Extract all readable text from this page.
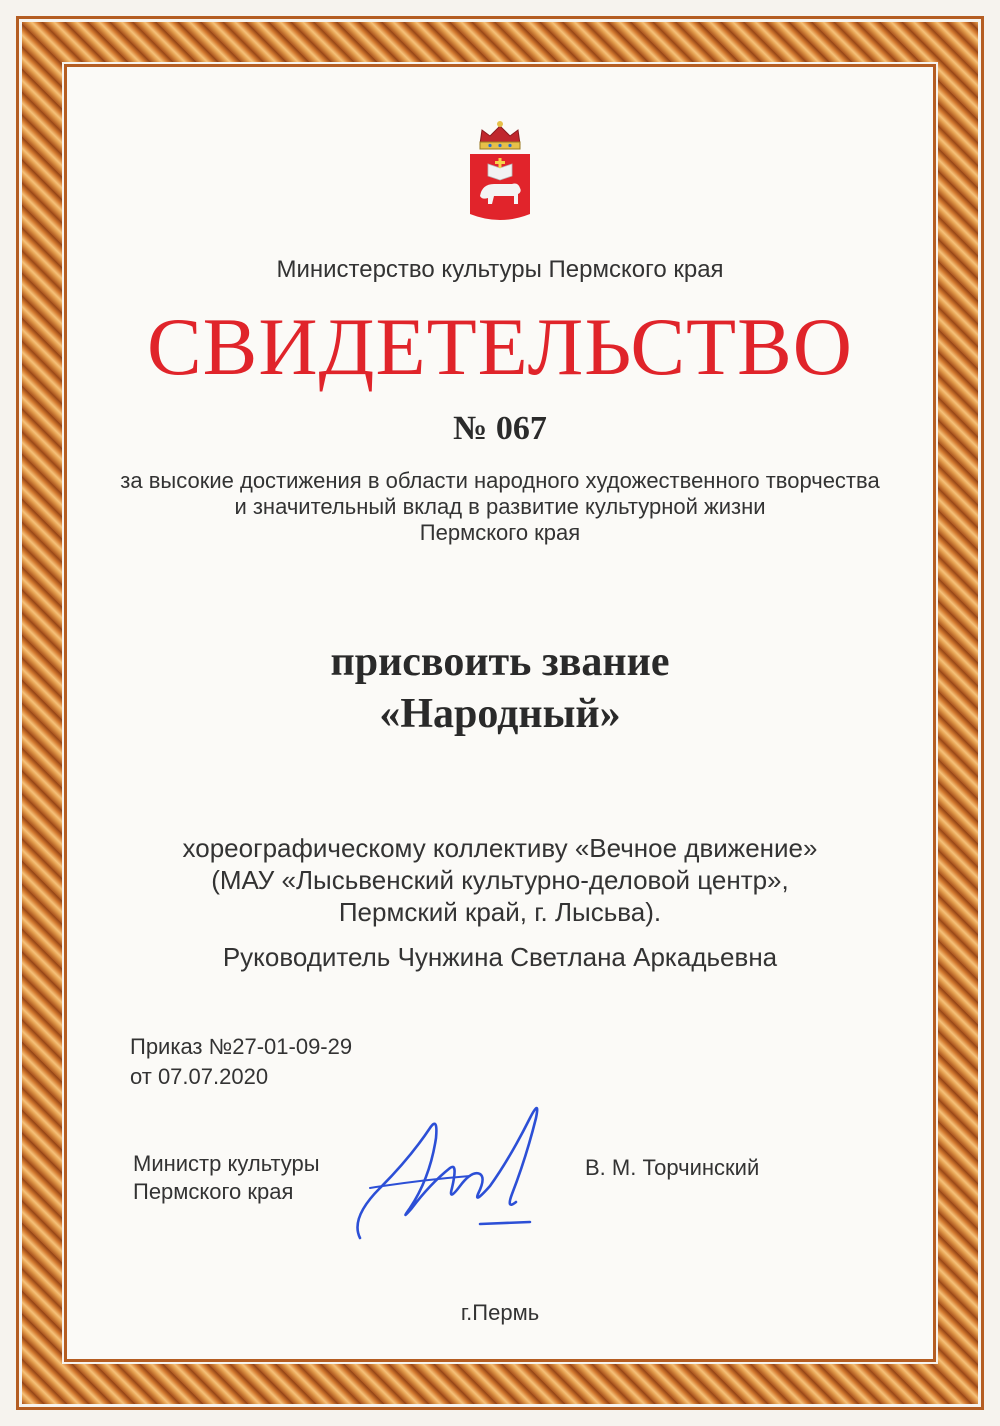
Министерство культуры Пермского края
СВИДЕТЕЛЬСТВО
№ 067
за высокие достижения в области народного художественного творчества
и значительный вклад в развитие культурной жизни
Пермского края
присвоить звание
«Народный»
хореографическому коллективу «Вечное движение»
(МАУ «Лысьвенский культурно-деловой центр»,
Пермский край, г. Лысьва).
Руководитель Чунжина Светлана Аркадьевна
Приказ №27-01-09-29
от 07.07.2020
Министр культуры
Пермского края
В. М. Торчинский
г.Пермь
